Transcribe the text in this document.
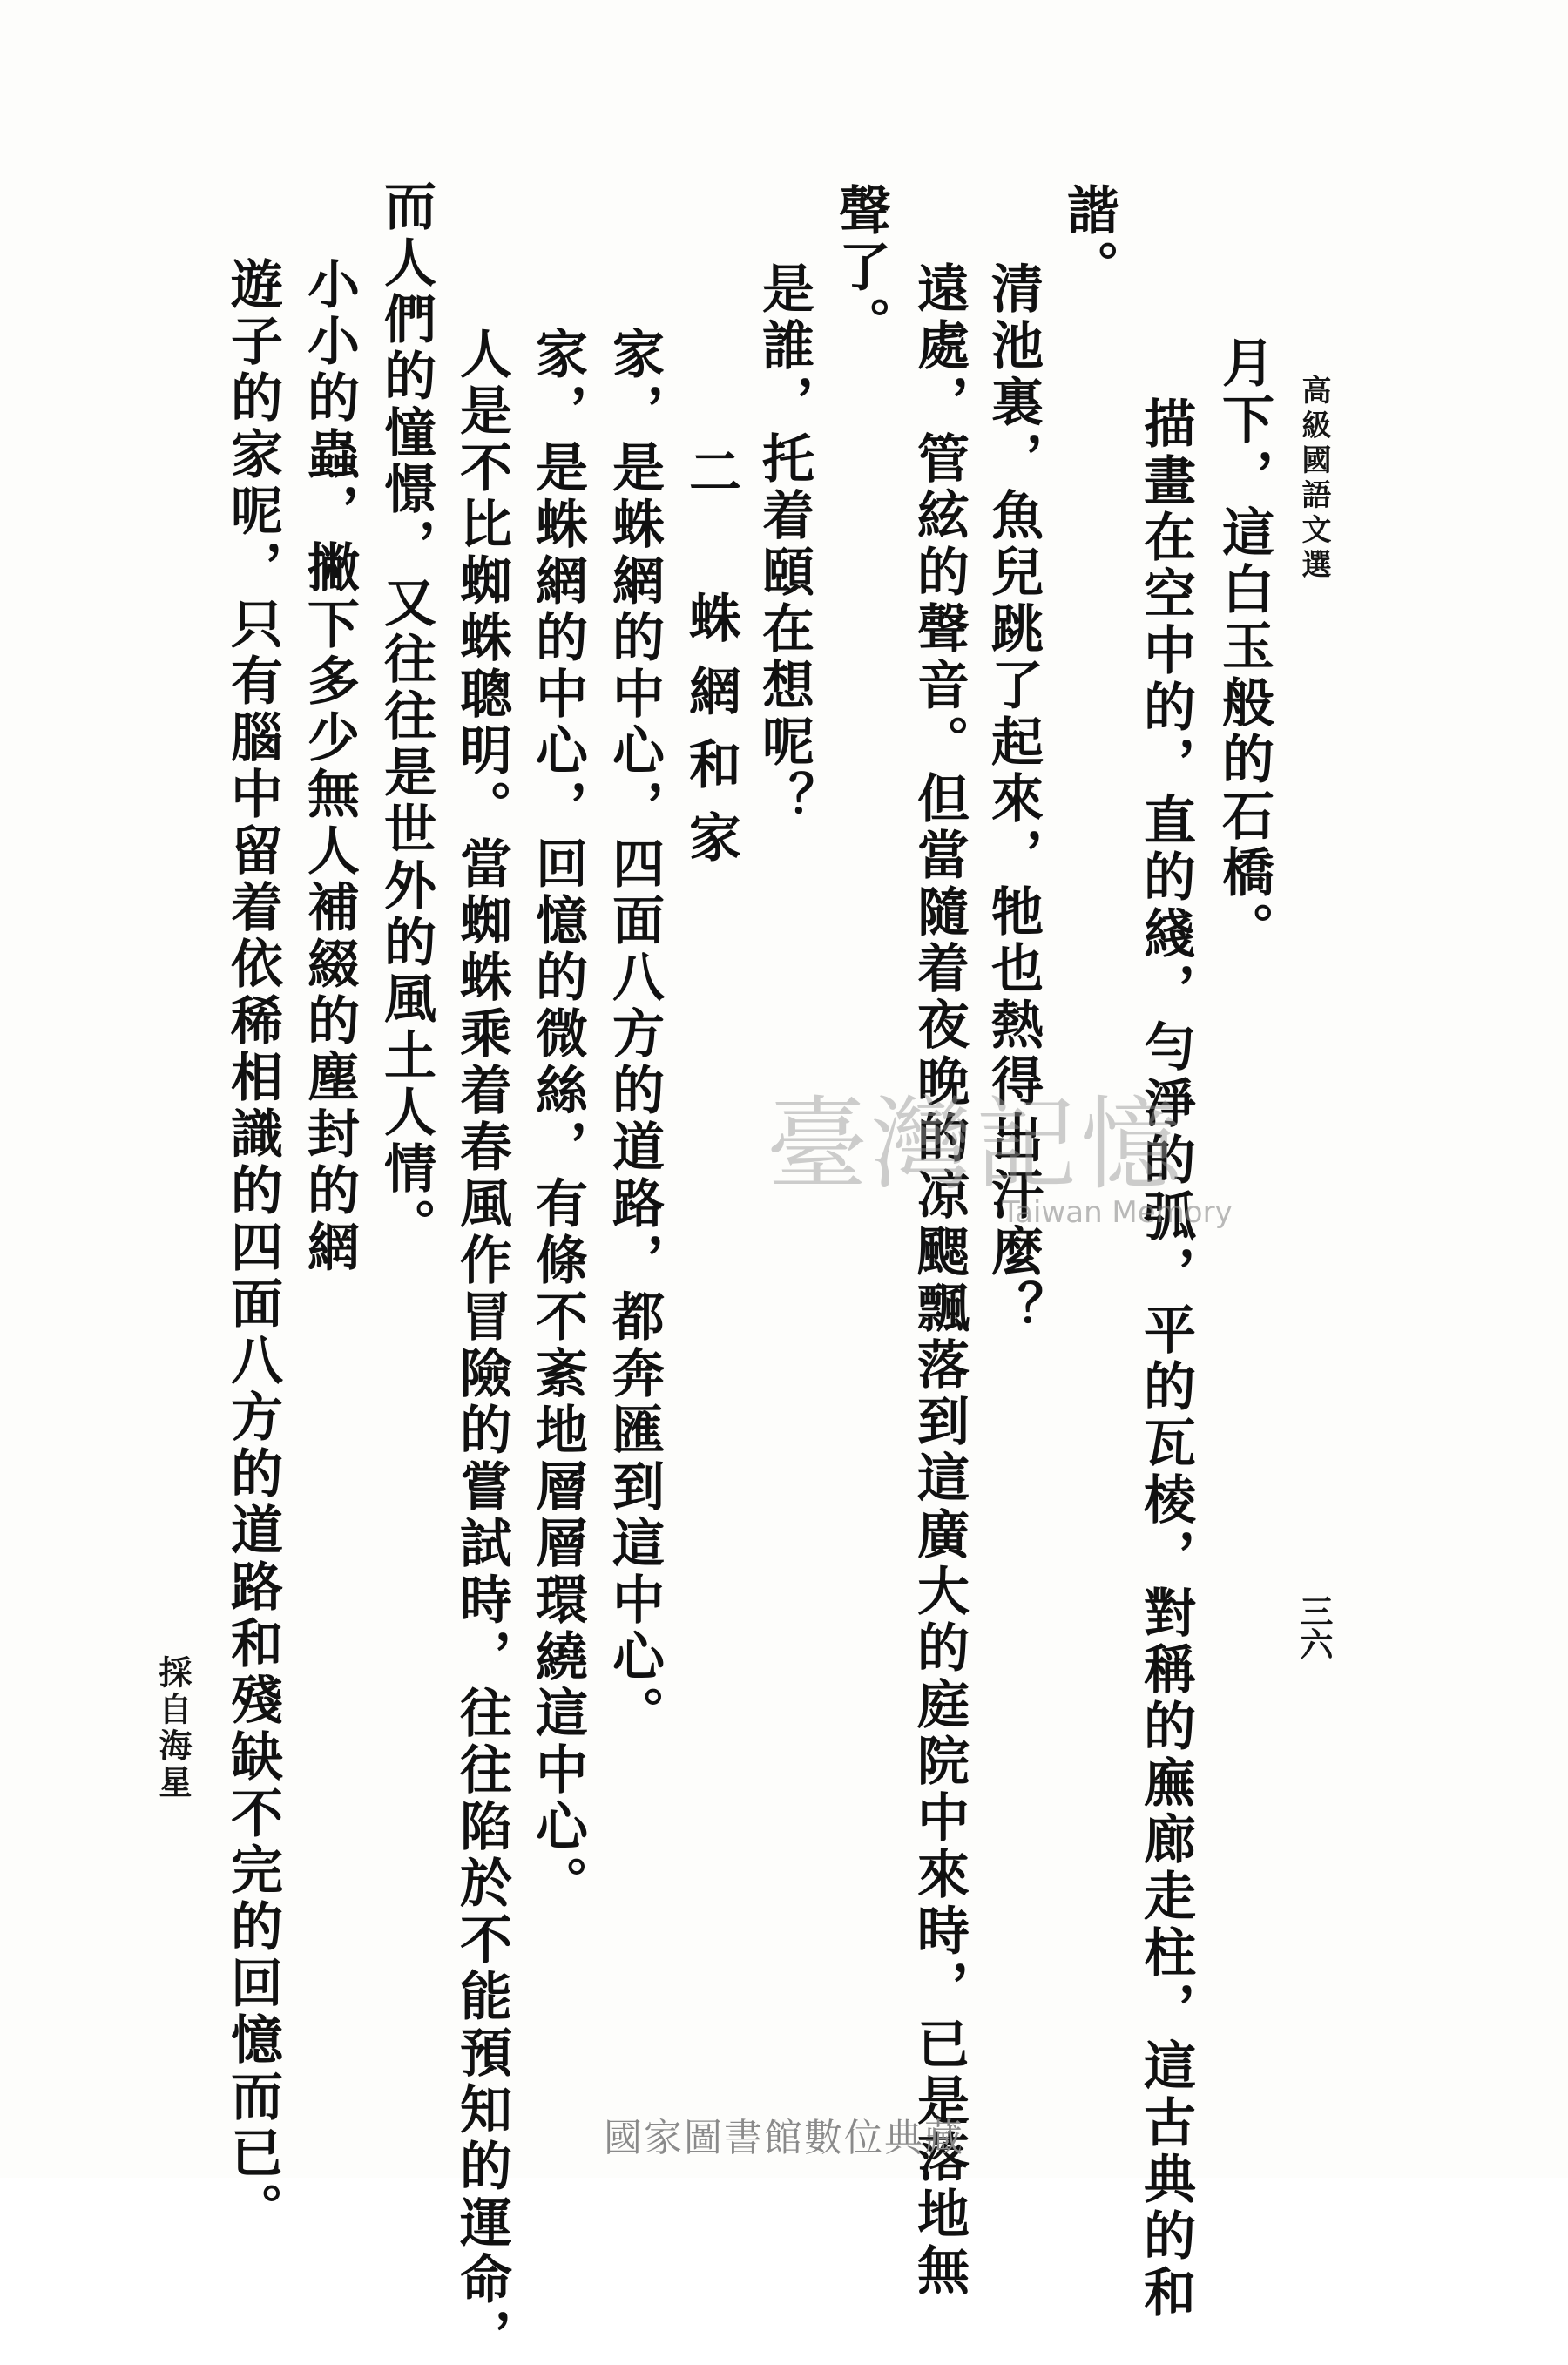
高級國語文選
三六
月下，這白玉般的石橋。
描畫在空中的，直的綫，勻淨的弧，平的瓦棱，對稱的廡廊走柱，這古典的和
諧。
清池裏，魚兒跳了起來，牠也熱得出汗麼？
遠處，管絃的聲音。但當隨着夜晚的凉颸飄落到這廣大的庭院中來時，已是落地無
聲了。
是誰，托着頤在想呢？
二　蛛網和家
家，是蛛網的中心，四面八方的道路，都奔匯到這中心。
家，是蛛網的中心，回憶的微絲，有條不紊地層層環繞這中心。
人是不比蜘蛛聰明。當蜘蛛乘着春風作冒險的嘗試時，往往陷於不能預知的運命，
而人們的憧憬，又往往是世外的風土人情。
小小的蟲，撇下多少無人補綴的塵封的網
遊子的家呢，只有腦中留着依稀相識的四面八方的道路和殘缺不完的回憶而已。
採自海星
臺灣記憶
Taiwan Memory
國家圖書館數位典藏
